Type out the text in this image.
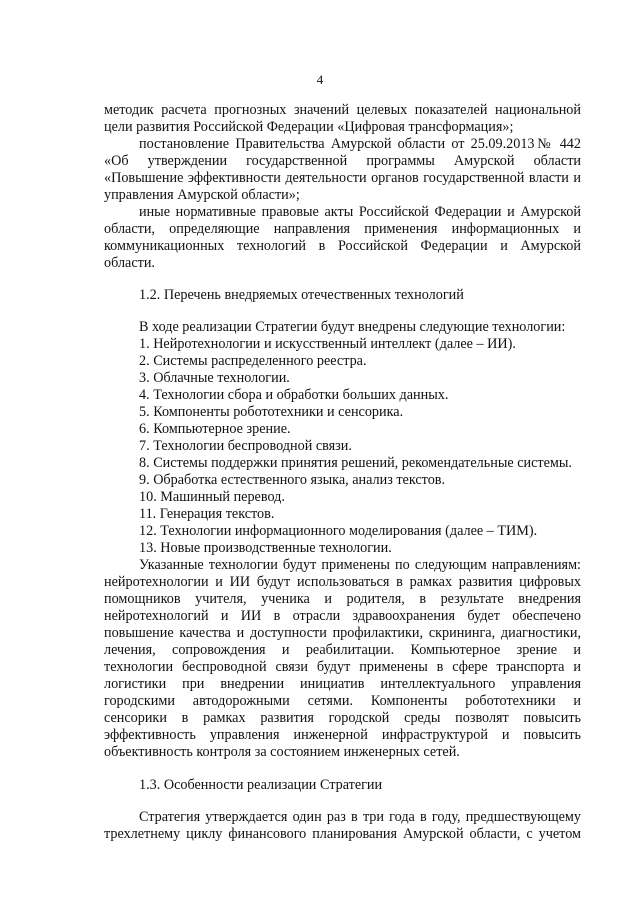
4
методик расчета прогнозных значений целевых показателей национальной
цели развития Российской Федерации «Цифровая трансформация»;
постановление Правительства Амурской области от 25.09.2013№ 442
«Об утверждении государственной программы Амурской области
«Повышение эффективности деятельности органов государственной власти и
управления Амурской области»;
иные нормативные правовые акты Российской Федерации и Амурской
области, определяющие направления применения информационных и
коммуникационных технологий в Российской Федерации и Амурской
области.
1.2. Перечень внедряемых отечественных технологий
В ходе реализации Стратегии будут внедрены следующие технологии:
1. Нейротехнологии и искусственный интеллект (далее – ИИ).
2. Системы распределенного реестра.
3. Облачные технологии.
4. Технологии сбора и обработки больших данных.
5. Компоненты робототехники и сенсорика.
6. Компьютерное зрение.
7. Технологии беспроводной связи.
8. Системы поддержки принятия решений, рекомендательные системы.
9. Обработка естественного языка, анализ текстов.
10. Машинный перевод.
11. Генерация текстов.
12. Технологии информационного моделирования (далее – ТИМ).
13. Новые производственные технологии.
Указанные технологии будут применены по следующим направлениям:
нейротехнологии и ИИ будут использоваться в рамках развития цифровых
помощников учителя, ученика и родителя, в результате внедрения
нейротехнологий и ИИ в отрасли здравоохранения будет обеспечено
повышение качества и доступности профилактики, скрининга, диагностики,
лечения, сопровождения и реабилитации. Компьютерное зрение и
технологии беспроводной связи будут применены в сфере транспорта и
логистики при внедрении инициатив интеллектуального управления
городскими автодорожными сетями. Компоненты робототехники и
сенсорики в рамках развития городской среды позволят повысить
эффективность управления инженерной инфраструктурой и повысить
объективность контроля за состоянием инженерных сетей.
1.3. Особенности реализации Стратегии
Стратегия утверждается один раз в три года в году, предшествующему
трехлетнему циклу финансового планирования Амурской области, с учетом
